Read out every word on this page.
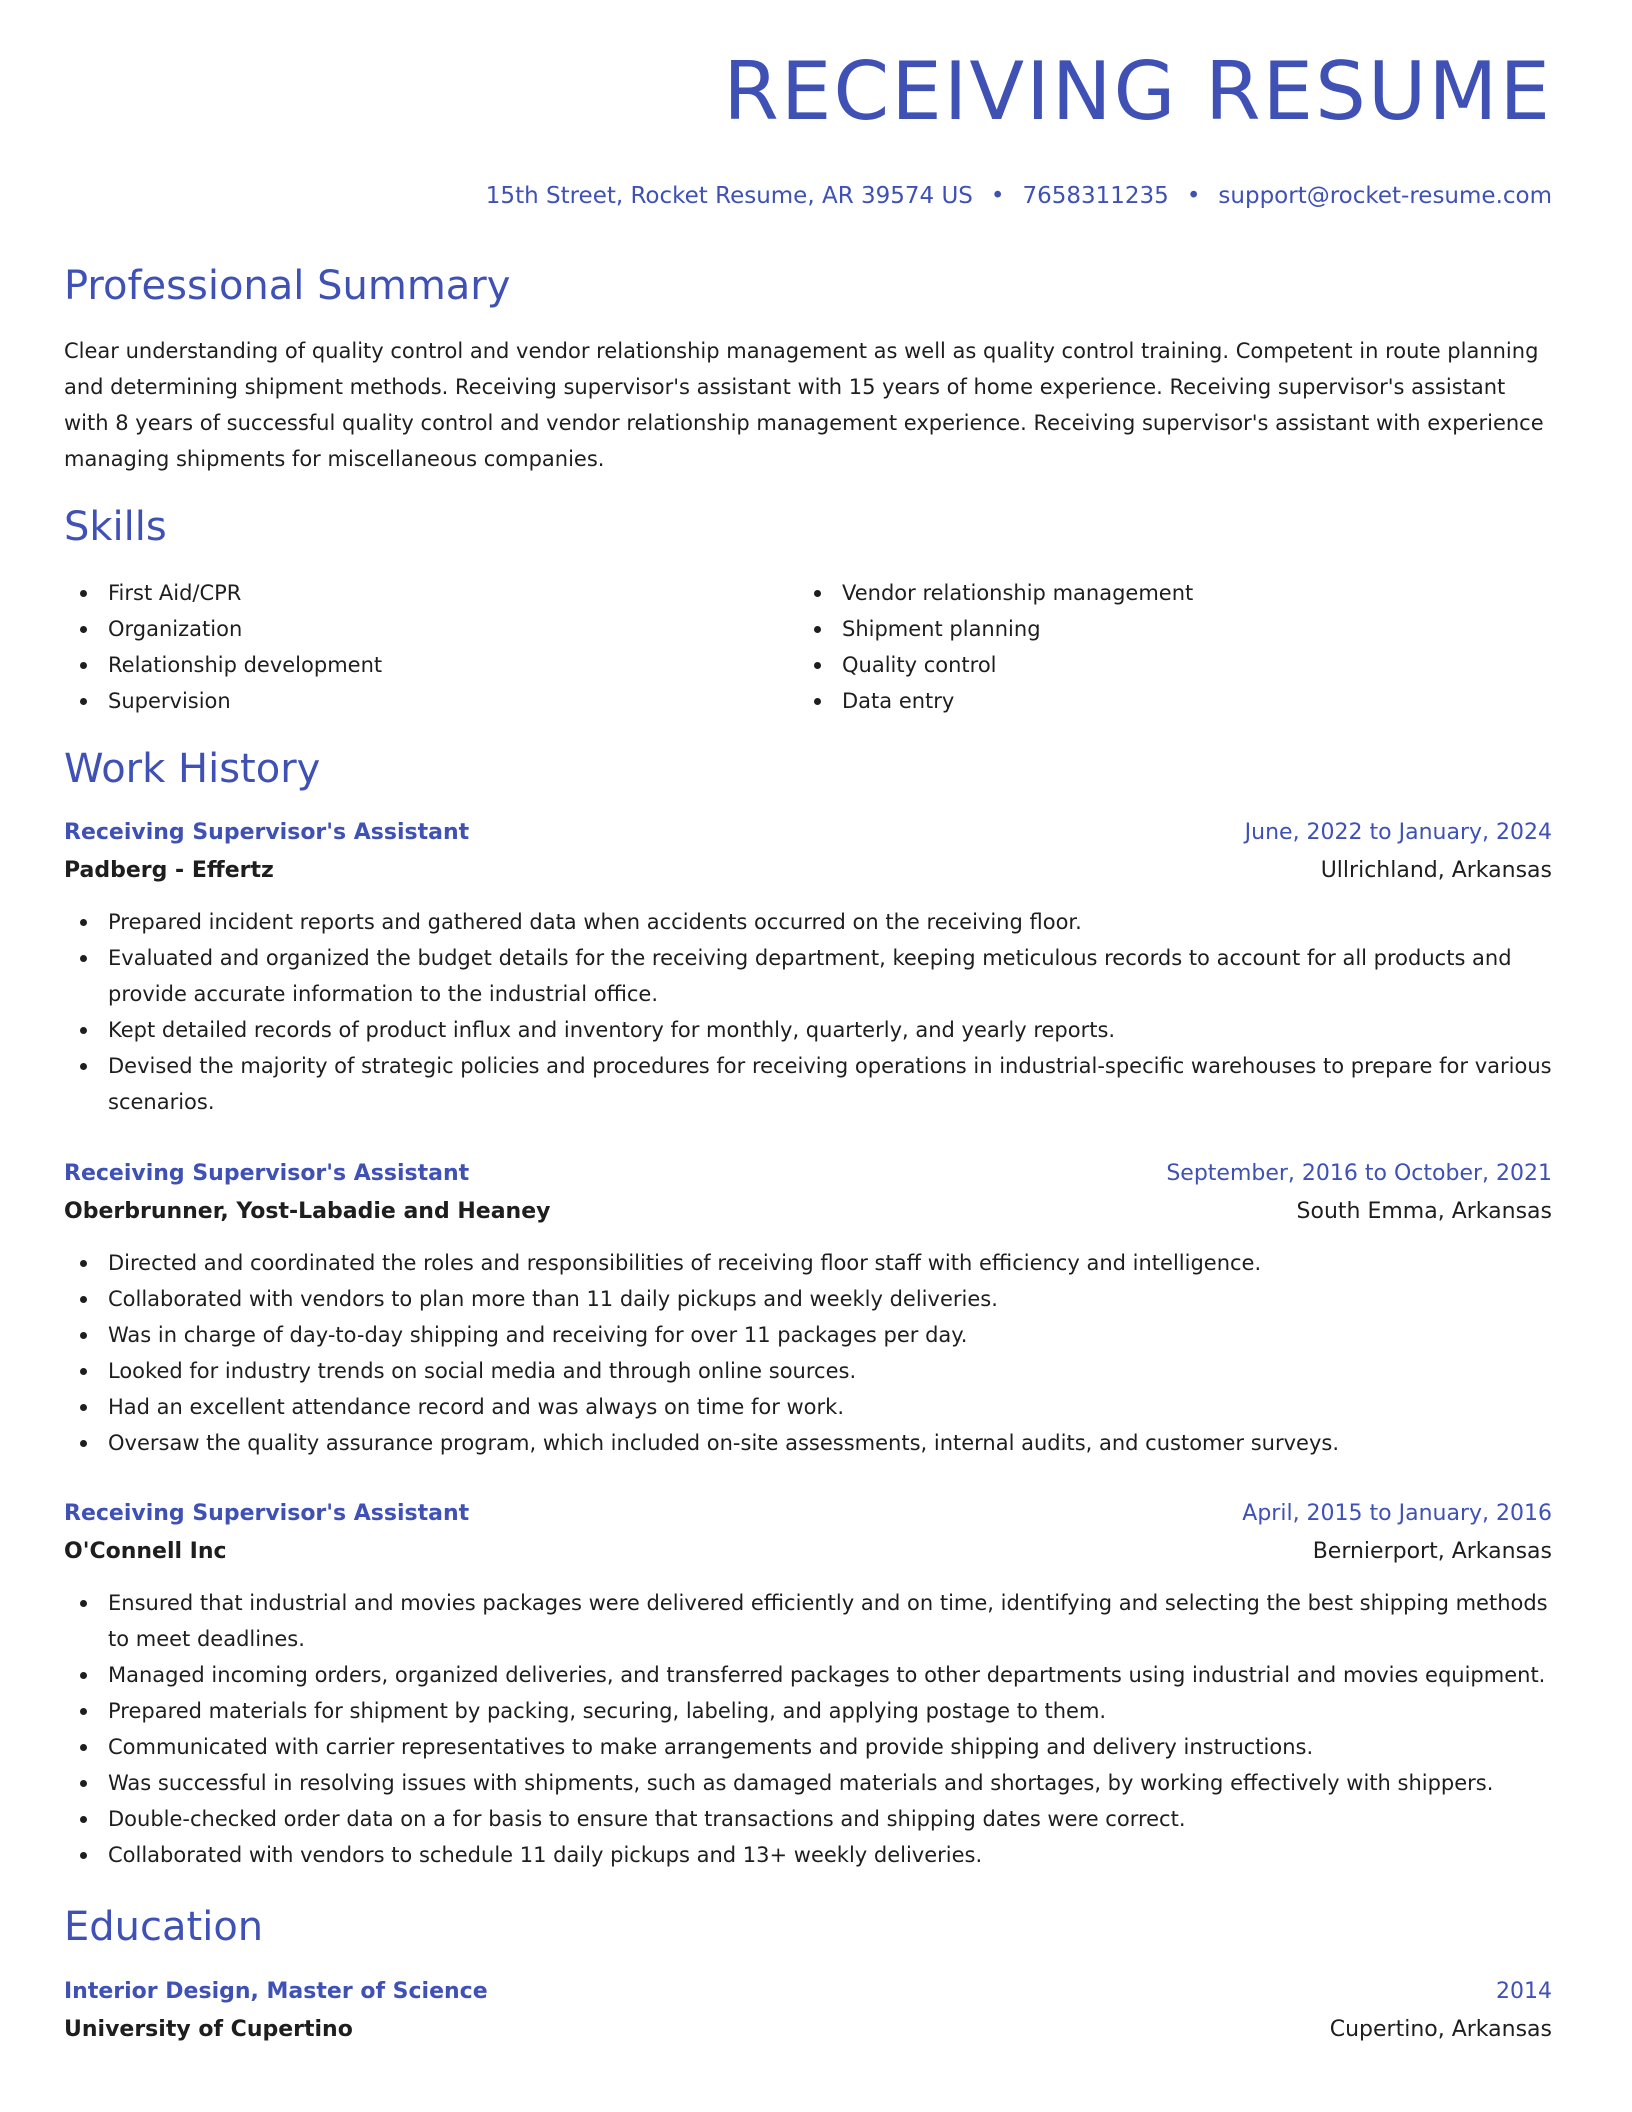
RECEIVING RESUME
15th Street, Rocket Resume, AR 39574 US • 7658311235 • support@rocket-resume.com
Professional Summary

Clear understanding of quality control and vendor relationship management as well as quality control training. Competent in route planning and determining shipment methods. Receiving supervisor's assistant with 15 years of home experience. Receiving supervisor's assistant with 8 years of successful quality control and vendor relationship management experience. Receiving supervisor's assistant with experience managing shipments for miscellaneous companies.

Skills
First Aid/CPR
Organization
Relationship development
Supervision
Vendor relationship management
Shipment planning
Quality control
Data entry
Work History
Receiving Supervisor's Assistant	June, 2022 to January, 2024
Padberg - Effertz	Ullrichland, Arkansas
Prepared incident reports and gathered data when accidents occurred on the receiving floor.
Evaluated and organized the budget details for the receiving department, keeping meticulous records to account for all products and provide accurate information to the industrial office.
Kept detailed records of product influx and inventory for monthly, quarterly, and yearly reports.
Devised the majority of strategic policies and procedures for receiving operations in industrial-specific warehouses to prepare for various scenarios.
Receiving Supervisor's Assistant	September, 2016 to October, 2021
Oberbrunner, Yost-Labadie and Heaney	South Emma, Arkansas
Directed and coordinated the roles and responsibilities of receiving floor staff with efficiency and intelligence.
Collaborated with vendors to plan more than 11 daily pickups and weekly deliveries.
Was in charge of day-to-day shipping and receiving for over 11 packages per day.
Looked for industry trends on social media and through online sources.
Had an excellent attendance record and was always on time for work.
Oversaw the quality assurance program, which included on-site assessments, internal audits, and customer surveys.
Receiving Supervisor's Assistant	April, 2015 to January, 2016
O'Connell Inc	Bernierport, Arkansas
Ensured that industrial and movies packages were delivered efficiently and on time, identifying and selecting the best shipping methods to meet deadlines.
Managed incoming orders, organized deliveries, and transferred packages to other departments using industrial and movies equipment.
Prepared materials for shipment by packing, securing, labeling, and applying postage to them.
Communicated with carrier representatives to make arrangements and provide shipping and delivery instructions.
Was successful in resolving issues with shipments, such as damaged materials and shortages, by working effectively with shippers.
Double-checked order data on a for basis to ensure that transactions and shipping dates were correct.
Collaborated with vendors to schedule 11 daily pickups and 13+ weekly deliveries.
Education
Interior Design, Master of Science	2014
University of Cupertino	Cupertino, Arkansas
